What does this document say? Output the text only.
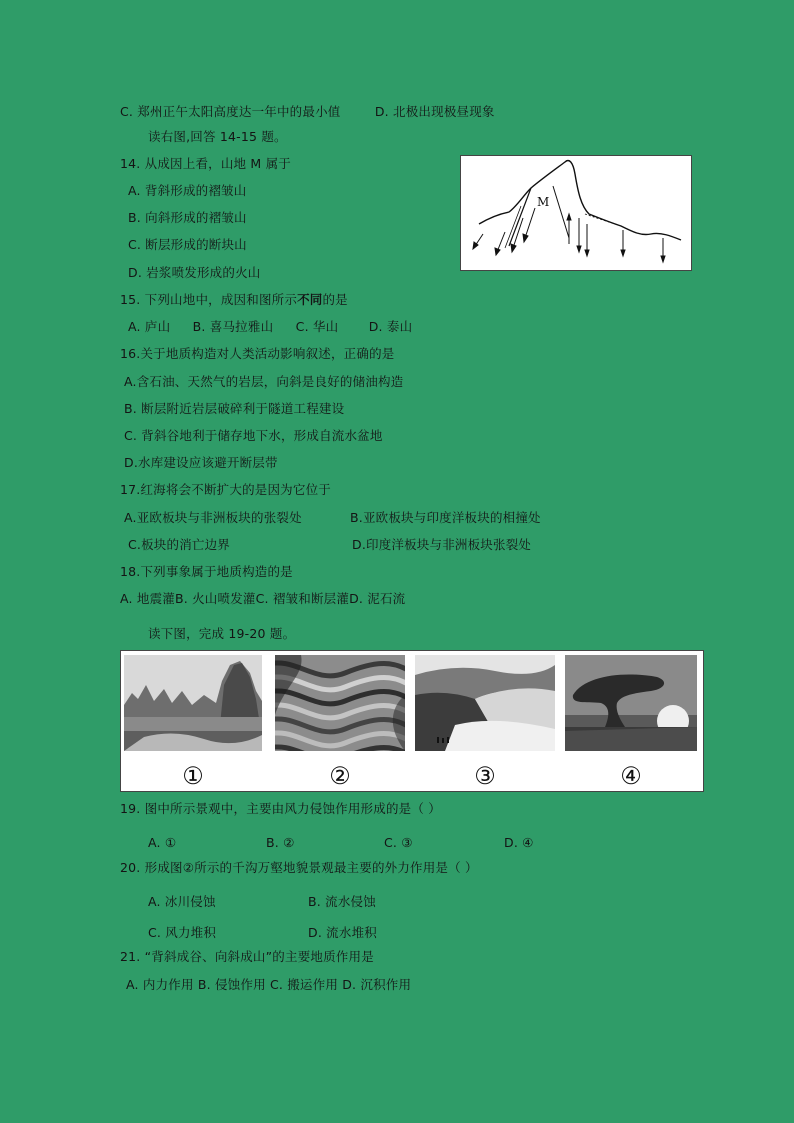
C. 郑州正午太阳高度达一年中的最小值	D. 北极出现极昼现象
读右图,回答 14-15 题。
14. 从成因上看，山地 M 属于
A. 背斜形成的褶皱山
B. 向斜形成的褶皱山
C. 断层形成的断块山
D. 岩浆喷发形成的火山
M
15. 下列山地中，成因和图所示不同的是
A. 庐山 B. 喜马拉雅山 C. 华山 D. 泰山
16.关于地质构造对人类活动影响叙述，正确的是
A.含石油、天然气的岩层，向斜是良好的储油构造
B. 断层附近岩层破碎利于隧道工程建设
C. 背斜谷地利于储存地下水，形成自流水盆地
D.水库建设应该避开断层带
17.红海将会不断扩大的是因为它位于
A.亚欧板块与非洲板块的张裂处	B.亚欧板块与印度洋板块的相撞处
C.板块的消亡边界	D.印度洋板块与非洲板块张裂处
18.下列事象属于地质构造的是
A. 地震灌B. 火山喷发灌C. 褶皱和断层灌D. 泥石流
读下图，完成 19-20 题。
①	②	③	④
19. 图中所示景观中，主要由风力侵蚀作用形成的是（ ）
A. ①	B. ②	C. ③	D. ④
20. 形成图②所示的千沟万壑地貌景观最主要的外力作用是（ ）
A. 冰川侵蚀	B. 流水侵蚀
C. 风力堆积	D. 流水堆积
21. “背斜成谷、向斜成山”的主要地质作用是
A. 内力作用 B. 侵蚀作用 C. 搬运作用 D. 沉积作用
